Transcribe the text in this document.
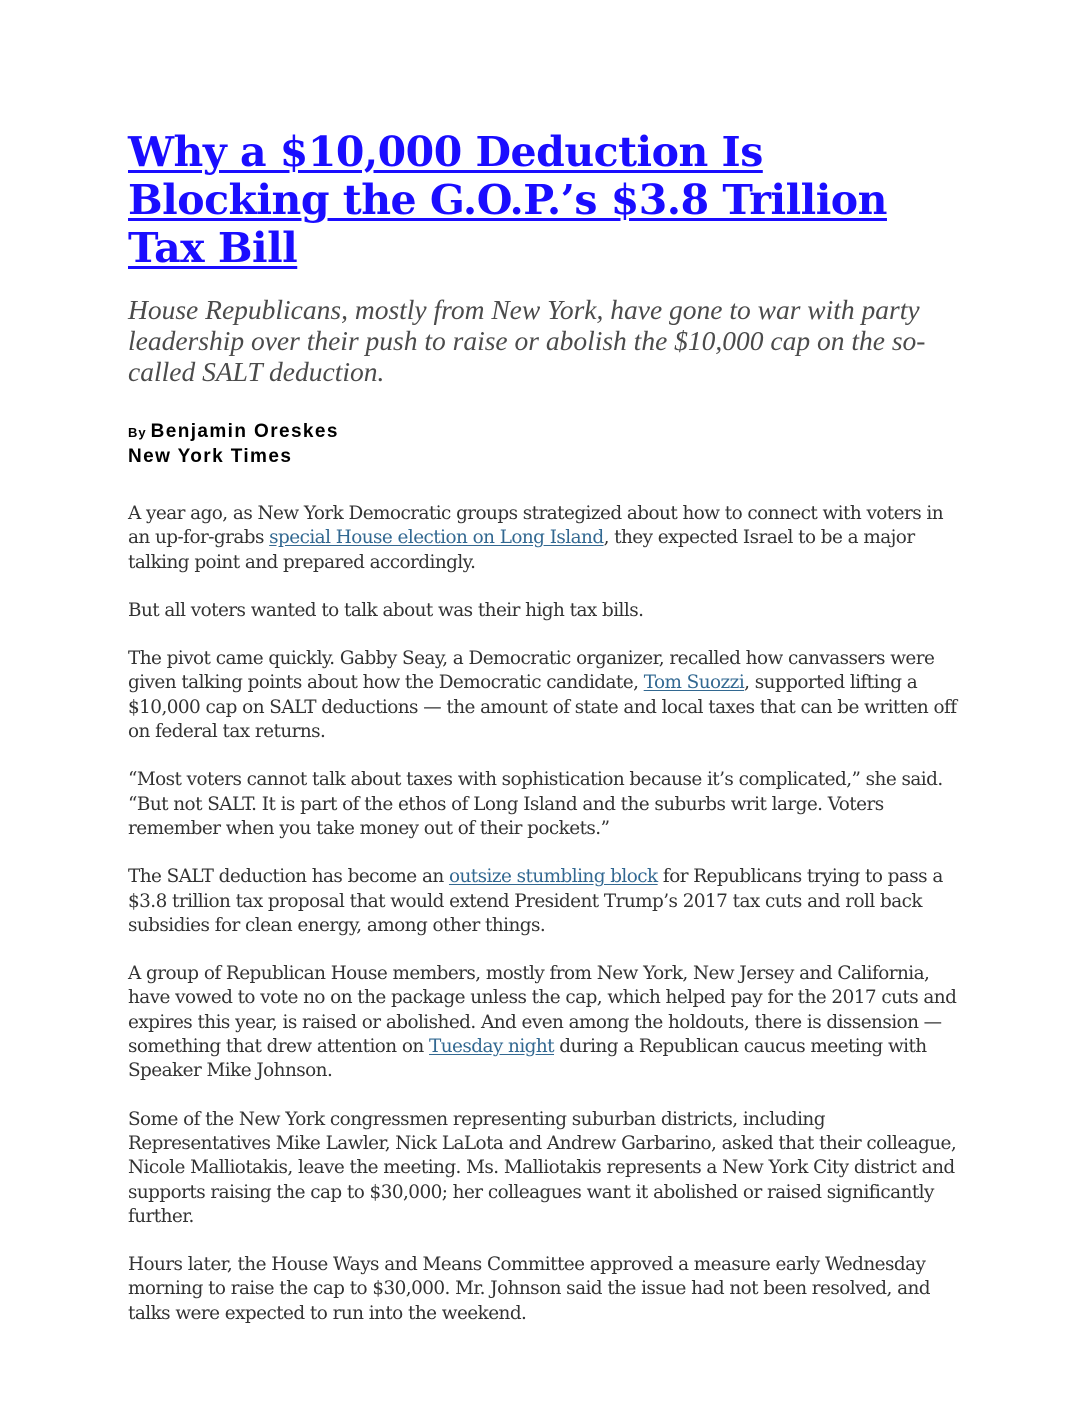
Why a $10,000 Deduction Is Blocking the G.O.P.’s $3.8 Trillion Tax Bill

House Republicans, mostly from New York, have gone to war with party leadership over their push to raise or abolish the $10,000 cap on the so-called SALT deduction.

By Benjamin Oreskes
New York Times

A year ago, as New York Democratic groups strategized about how to connect with voters in an up-for-grabs special House election on Long Island, they expected Israel to be a major talking point and prepared accordingly.

But all voters wanted to talk about was their high tax bills.

The pivot came quickly. Gabby Seay, a Democratic organizer, recalled how canvassers were given talking points about how the Democratic candidate, Tom Suozzi, supported lifting a $10,000 cap on SALT deductions — the amount of state and local taxes that can be written off on federal tax returns.

“Most voters cannot talk about taxes with sophistication because it’s complicated,” she said. “But not SALT. It is part of the ethos of Long Island and the suburbs writ large. Voters remember when you take money out of their pockets.”

The SALT deduction has become an outsize stumbling block for Republicans trying to pass a $3.8 trillion tax proposal that would extend President Trump’s 2017 tax cuts and roll back subsidies for clean energy, among other things.

A group of Republican House members, mostly from New York, New Jersey and California, have vowed to vote no on the package unless the cap, which helped pay for the 2017 cuts and expires this year, is raised or abolished. And even among the holdouts, there is dissension — something that drew attention on Tuesday night during a Republican caucus meeting with Speaker Mike Johnson.

Some of the New York congressmen representing suburban districts, including Representatives Mike Lawler, Nick LaLota and Andrew Garbarino, asked that their colleague, Nicole Malliotakis, leave the meeting. Ms. Malliotakis represents a New York City district and supports raising the cap to $30,000; her colleagues want it abolished or raised significantly further.

Hours later, the House Ways and Means Committee approved a measure early Wednesday morning to raise the cap to $30,000. Mr. Johnson said the issue had not been resolved, and talks were expected to run into the weekend.
